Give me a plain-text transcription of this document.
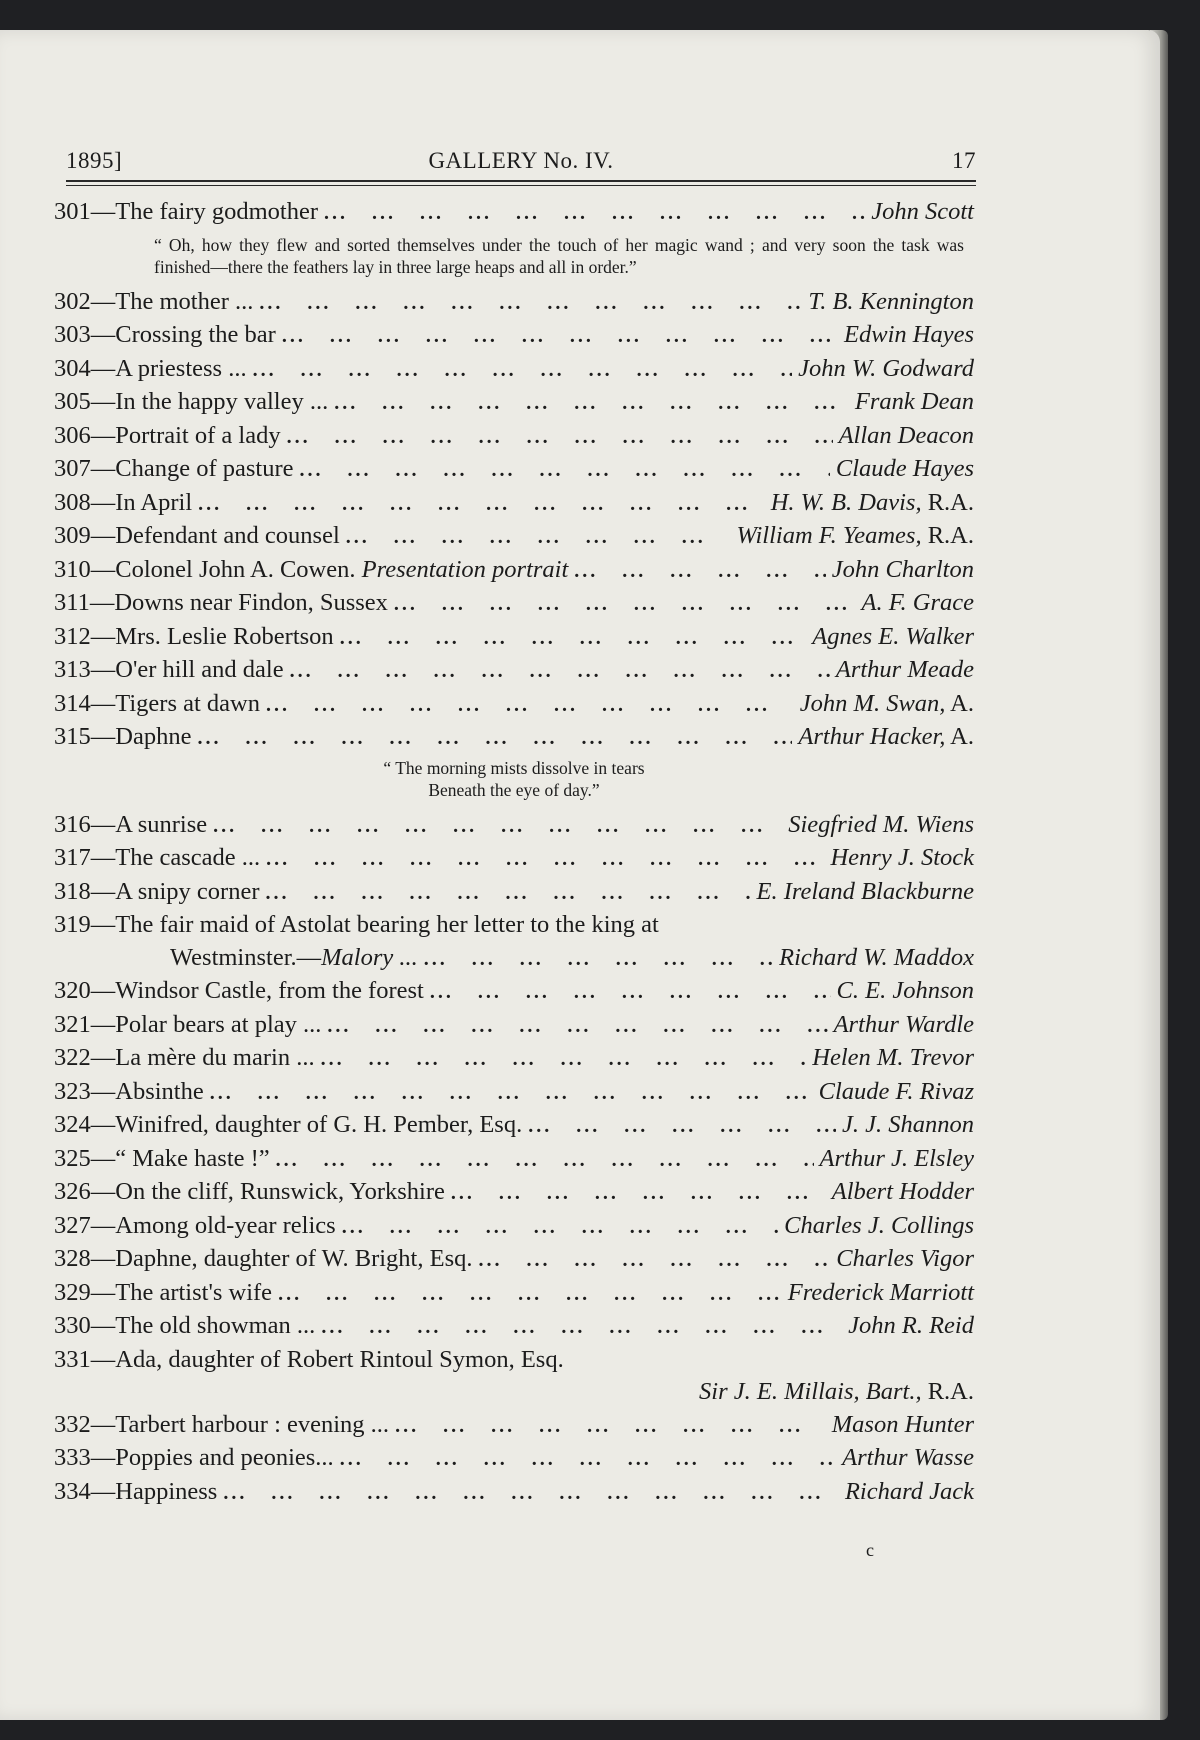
1895]	GALLERY No. IV.	17
301—The fairy godmother ...	John Scott
“ Oh, how they flew and sorted themselves under the touch of her magic wand ; and very soon the task was finished—there the feathers lay in three large heaps and all in order.”
302—The mother ... ...	T. B. Kennington
303—Crossing the bar ...	Edwin Hayes
304—A priestess ... ...	John W. Godward
305—In the happy valley ... ...	Frank Dean
306—Portrait of a lady ...	Allan Deacon
307—Change of pasture ...	Claude Hayes
308—In April ...	H. W. B. Davis, R.A.
309—Defendant and counsel ...	William F. Yeames, R.A.
310—Colonel John A. Cowen. Presentation portrait ...	John Charlton
311—Downs near Findon, Sussex ...	A. F. Grace
312—Mrs. Leslie Robertson ...	Agnes E. Walker
313—O'er hill and dale ...	Arthur Meade
314—Tigers at dawn ...	John M. Swan, A.
315—Daphne ...	Arthur Hacker, A.
“ The morning mists dissolve in tears
Beneath the eye of day.”
316—A sunrise ...	Siegfried M. Wiens
317—The cascade ... ...	Henry J. Stock
318—A snipy corner ...	E. Ireland Blackburne
319—The fair maid of Astolat bearing her letter to the king at
Westminster.—Malory ... ...	Richard W. Maddox
320—Windsor Castle, from the forest ...	C. E. Johnson
321—Polar bears at play ... ...	Arthur Wardle
322—La mère du marin ... ...	Helen M. Trevor
323—Absinthe ...	Claude F. Rivaz
324—Winifred, daughter of G. H. Pember, Esq. ...	J. J. Shannon
325—“ Make haste !” ...	Arthur J. Elsley
326—On the cliff, Runswick, Yorkshire ...	Albert Hodder
327—Among old-year relics ...	Charles J. Collings
328—Daphne, daughter of W. Bright, Esq. ...	Charles Vigor
329—The artist's wife ...	Frederick Marriott
330—The old showman ... ...	John R. Reid
331—Ada, daughter of Robert Rintoul Symon, Esq.
Sir J. E. Millais, Bart., R.A.
332—Tarbert harbour : evening ... ...	Mason Hunter
333—Poppies and peonies... ...	Arthur Wasse
334—Happiness ...	Richard Jack
c
